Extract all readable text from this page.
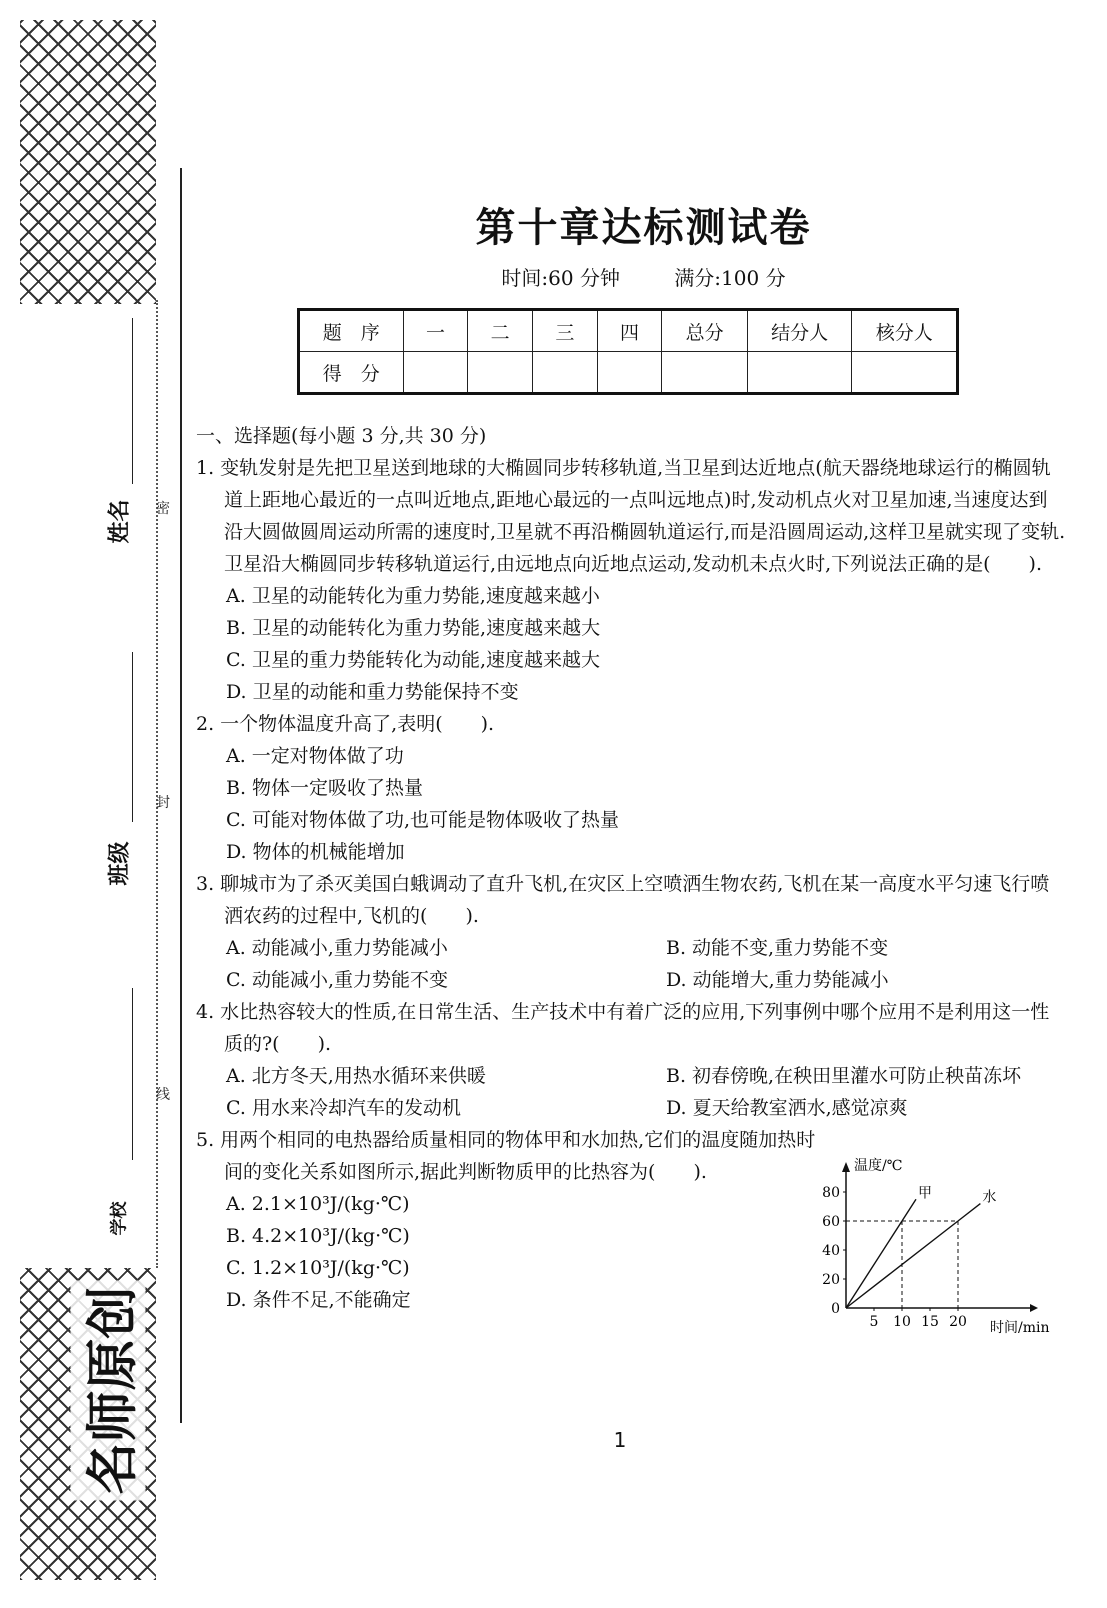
名师原创
姓名
班级
学校
密
封
线
第十章达标测试卷
时间:60 分钟	满分:100 分
题　序	一	二	三	四	总分	结分人	核分人
得　分							

一、选择题(每小题 3 分,共 30 分)

1. 变轨发射是先把卫星送到地球的大椭圆同步转移轨道,当卫星到达近地点(航天器绕地球运行的椭圆轨道上距地心最近的一点叫近地点,距地心最远的一点叫远地点)时,发动机点火对卫星加速,当速度达到沿大圆做圆周运动所需的速度时,卫星就不再沿椭圆轨道运行,而是沿圆周运动,这样卫星就实现了变轨.卫星沿大椭圆同步转移轨道运行,由远地点向近地点运动,发动机未点火时,下列说法正确的是(　　).

A. 卫星的动能转化为重力势能,速度越来越小

B. 卫星的动能转化为重力势能,速度越来越大

C. 卫星的重力势能转化为动能,速度越来越大

D. 卫星的动能和重力势能保持不变

2. 一个物体温度升高了,表明(　　).

A. 一定对物体做了功

B. 物体一定吸收了热量

C. 可能对物体做了功,也可能是物体吸收了热量

D. 物体的机械能增加

3. 聊城市为了杀灭美国白蛾调动了直升飞机,在灾区上空喷洒生物农药,飞机在某一高度水平匀速飞行喷洒农药的过程中,飞机的(　　).

A. 动能减小,重力势能减小	B. 动能不变,重力势能不变
C. 动能减小,重力势能不变	D. 动能增大,重力势能减小

4. 水比热容较大的性质,在日常生活、生产技术中有着广泛的应用,下列事例中哪个应用不是利用这一性质的?(　　).

A. 北方冬天,用热水循环来供暖	B. 初春傍晚,在秧田里灌水可防止秧苗冻坏
C. 用水来冷却汽车的发动机	D. 夏天给教室洒水,感觉凉爽

5. 用两个相同的电热器给质量相同的物体甲和水加热,它们的温度随加热时间的变化关系如图所示,据此判断物质甲的比热容为(　　).

A. 2.1×10³J/(kg·℃)

B. 4.2×10³J/(kg·℃)

C. 1.2×10³J/(kg·℃)

D. 条件不足,不能确定

温度/℃
时间/min
0
20
40
60
80
5 10 15 20
甲	水
1
